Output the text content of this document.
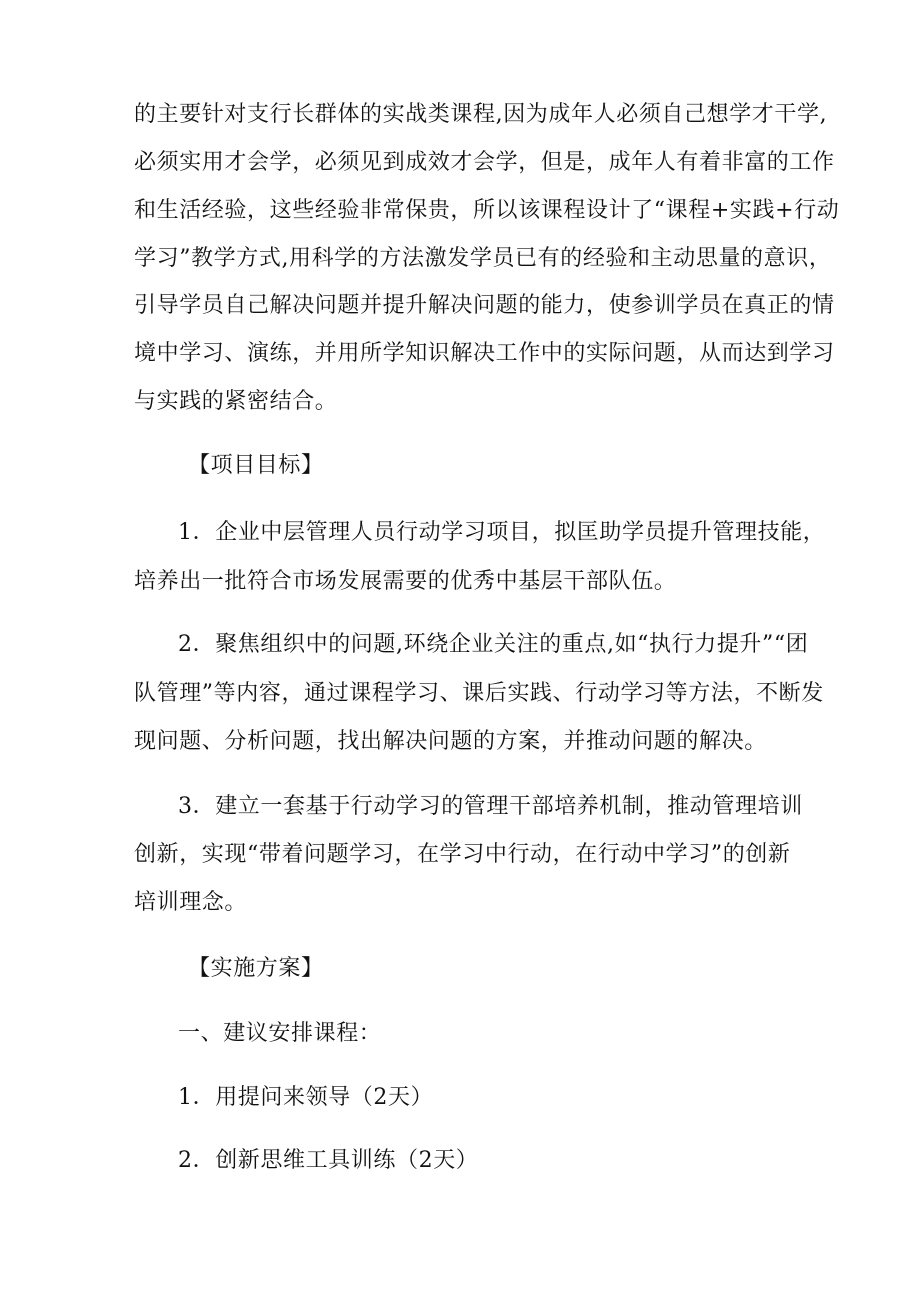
的主要针对支行长群体的实战类课程,因为成年人必须自己想学才干学,
必须实用才会学，必须见到成效才会学，但是，成年人有着非富的工作
和生活经验，这些经验非常保贵，所以该课程设计了“课程+实践+行动
学习”教学方式,用科学的方法激发学员已有的经验和主动思量的意识，
引导学员自己解决问题并提升解决问题的能力，使参训学员在真正的情
境中学习、演练，并用所学知识解决工作中的实际问题，从而达到学习
与实践的紧密结合。
【项目目标】
1．企业中层管理人员行动学习项目，拟匡助学员提升管理技能，
培养出一批符合市场发展需要的优秀中基层干部队伍。
2．聚焦组织中的问题,环绕企业关注的重点,如“执行力提升”“团
队管理”等内容，通过课程学习、课后实践、行动学习等方法，不断发
现问题、分析问题，找出解决问题的方案，并推动问题的解决。
3．建立一套基于行动学习的管理干部培养机制，推动管理培训
创新，实现“带着问题学习，在学习中行动，在行动中学习”的创新
培训理念。
【实施方案】
一、建议安排课程：
1．用提问来领导（2天）
2．创新思维工具训练（2天）
